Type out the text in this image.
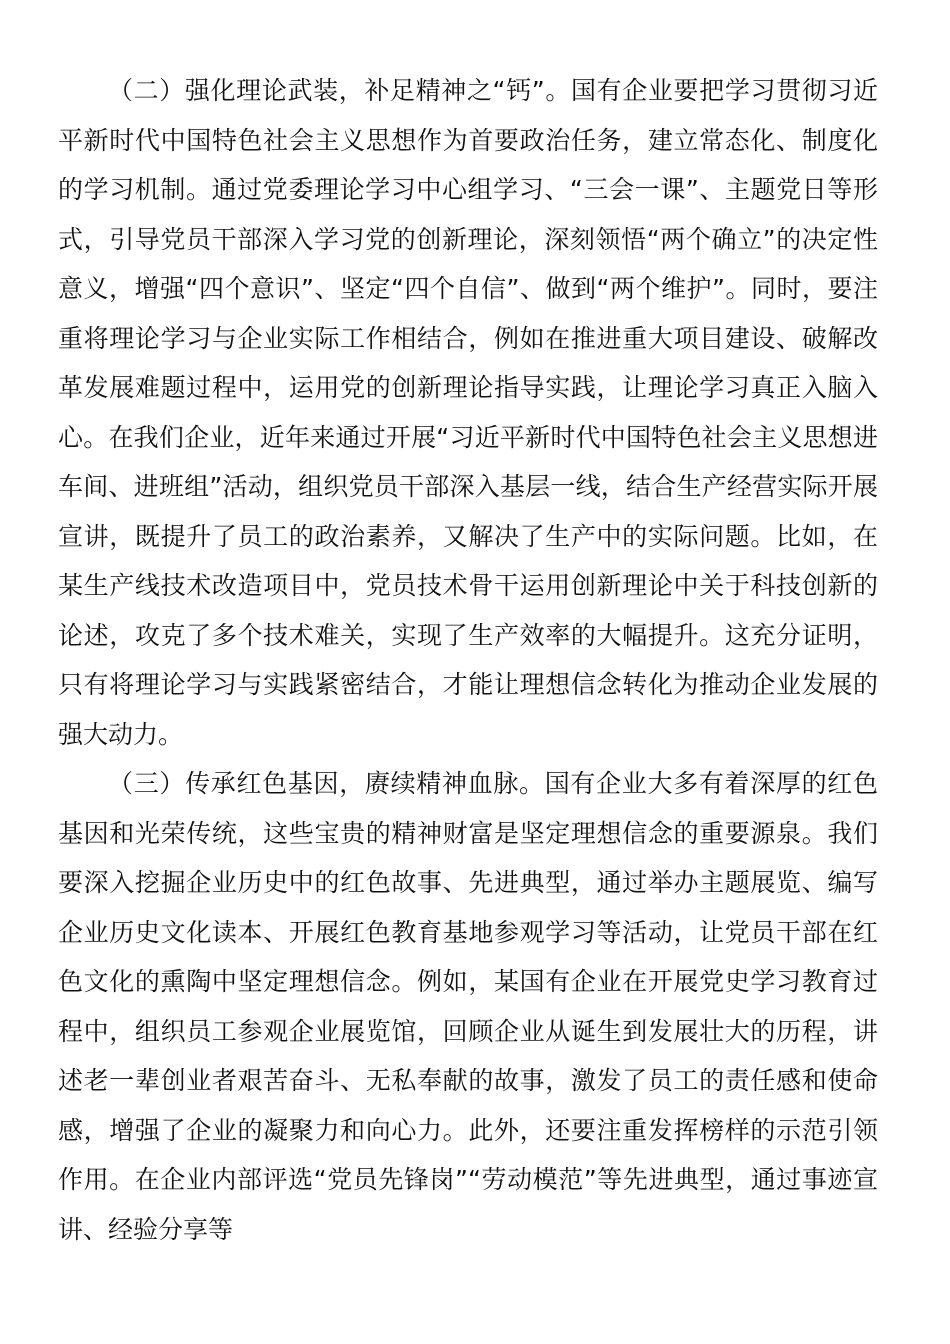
（二）强化理论武装，补足精神之“钙”。国有企业要把学习贯彻习近平新时代中国特色社会主义思想作为首要政治任务，建立常态化、制度化的学习机制。通过党委理论学习中心组学习、“三会一课”、主题党日等形式，引导党员干部深入学习党的创新理论，深刻领悟“两个确立”的决定性意义，增强“四个意识”、坚定“四个自信”、做到“两个维护”。同时，要注重将理论学习与企业实际工作相结合，例如在推进重大项目建设、破解改革发展难题过程中，运用党的创新理论指导实践，让理论学习真正入脑入心。在我们企业，近年来通过开展“习近平新时代中国特色社会主义思想进车间、进班组”活动，组织党员干部深入基层一线，结合生产经营实际开展宣讲，既提升了员工的政治素养，又解决了生产中的实际问题。比如，在某生产线技术改造项目中，党员技术骨干运用创新理论中关于科技创新的论述，攻克了多个技术难关，实现了生产效率的大幅提升。这充分证明，只有将理论学习与实践紧密结合，才能让理想信念转化为推动企业发展的强大动力。

（三）传承红色基因，赓续精神血脉。国有企业大多有着深厚的红色基因和光荣传统，这些宝贵的精神财富是坚定理想信念的重要源泉。我们要深入挖掘企业历史中的红色故事、先进典型，通过举办主题展览、编写企业历史文化读本、开展红色教育基地参观学习等活动，让党员干部在红色文化的熏陶中坚定理想信念。例如，某国有企业在开展党史学习教育过程中，组织员工参观企业展览馆，回顾企业从诞生到发展壮大的历程，讲述老一辈创业者艰苦奋斗、无私奉献的故事，激发了员工的责任感和使命感，增强了企业的凝聚力和向心力。此外，还要注重发挥榜样的示范引领作用。在企业内部评选“党员先锋岗”“劳动模范”等先进典型，通过事迹宣讲、经验分享等
